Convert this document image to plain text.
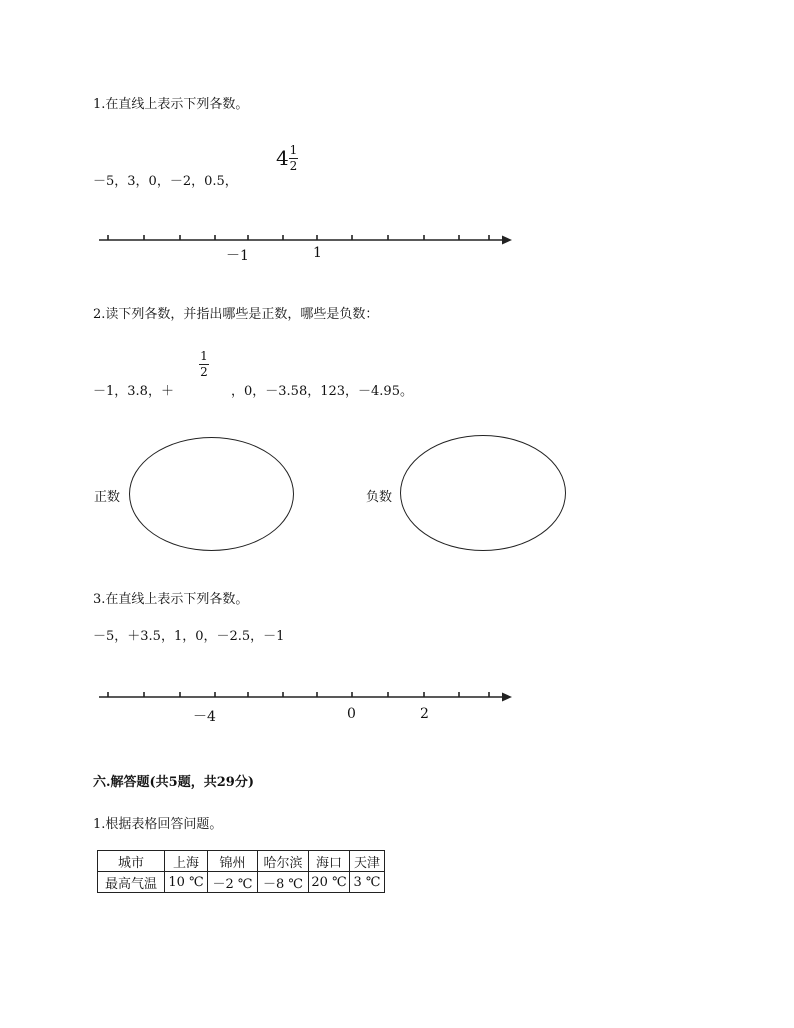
1.在直线上表示下列各数。
－5，3，0，－2，0.5，
4 1
2
－1	1
2.读下列各数，并指出哪些是正数，哪些是负数：
－1，3.8，＋
1
2
，0，－3.58，123，－4.95。
正数	负数
3.在直线上表示下列各数。
－5，＋3.5，1，0，－2.5，－1
－4	0	2
六.解答题(共5题，共29分)
1.根据表格回答问题。
城市	上海	锦州	哈尔滨	海口	天津
最高气温	10 ℃	－2 ℃	－8 ℃	20 ℃	3 ℃
